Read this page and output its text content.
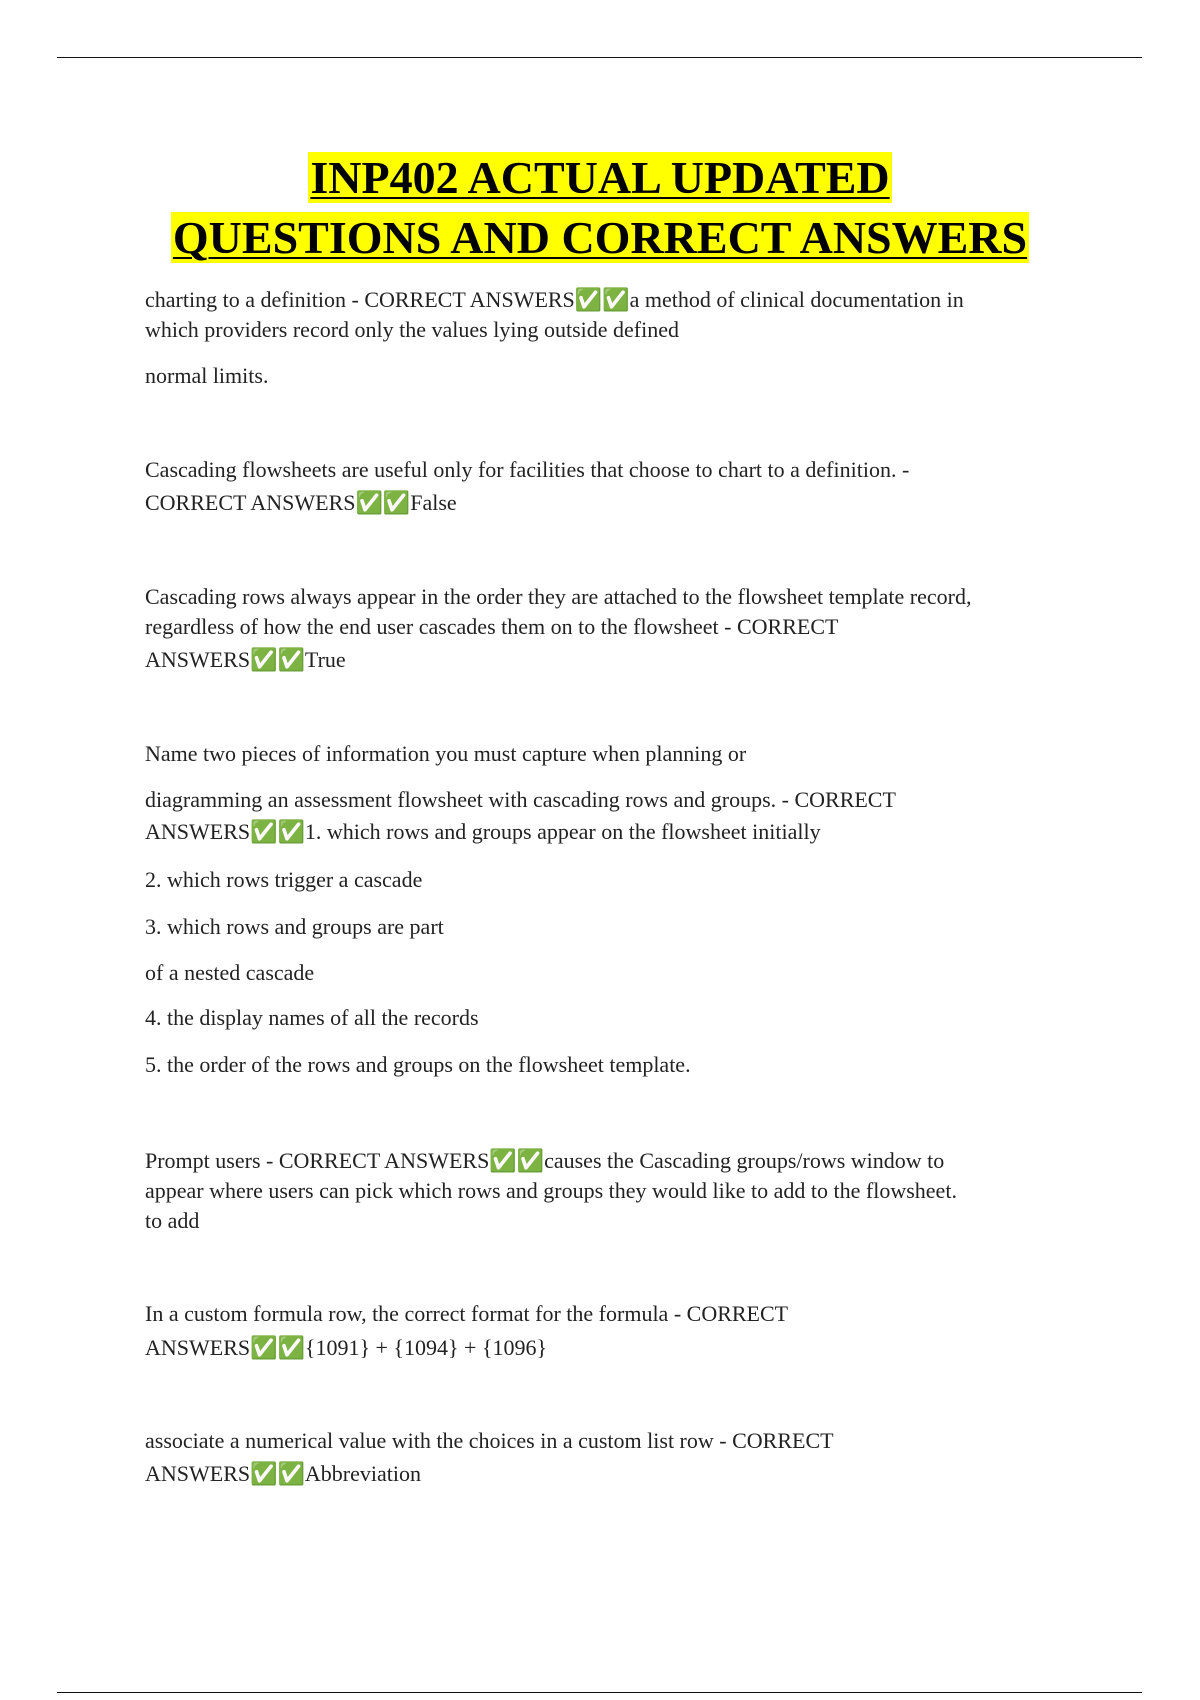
INP402 ACTUAL UPDATED
QUESTIONS AND CORRECT ANSWERS

charting to a definition - CORRECT ANSWERS✅✅a method of clinical documentation in

which providers record only the values lying outside defined

normal limits.

Cascading flowsheets are useful only for facilities that choose to chart to a definition. -

CORRECT ANSWERS✅✅False

Cascading rows always appear in the order they are attached to the flowsheet template record,

regardless of how the end user cascades them on to the flowsheet - CORRECT

ANSWERS✅✅True

Name two pieces of information you must capture when planning or

diagramming an assessment flowsheet with cascading rows and groups. - CORRECT

ANSWERS✅✅1. which rows and groups appear on the flowsheet initially

2. which rows trigger a cascade

3. which rows and groups are part

of a nested cascade

4. the display names of all the records

5. the order of the rows and groups on the flowsheet template.

Prompt users - CORRECT ANSWERS✅✅causes the Cascading groups/rows window to

appear where users can pick which rows and groups they would like to add to the flowsheet.

to add

In a custom formula row, the correct format for the formula - CORRECT

ANSWERS✅✅{1091} + {1094} + {1096}

associate a numerical value with the choices in a custom list row - CORRECT

ANSWERS✅✅Abbreviation
